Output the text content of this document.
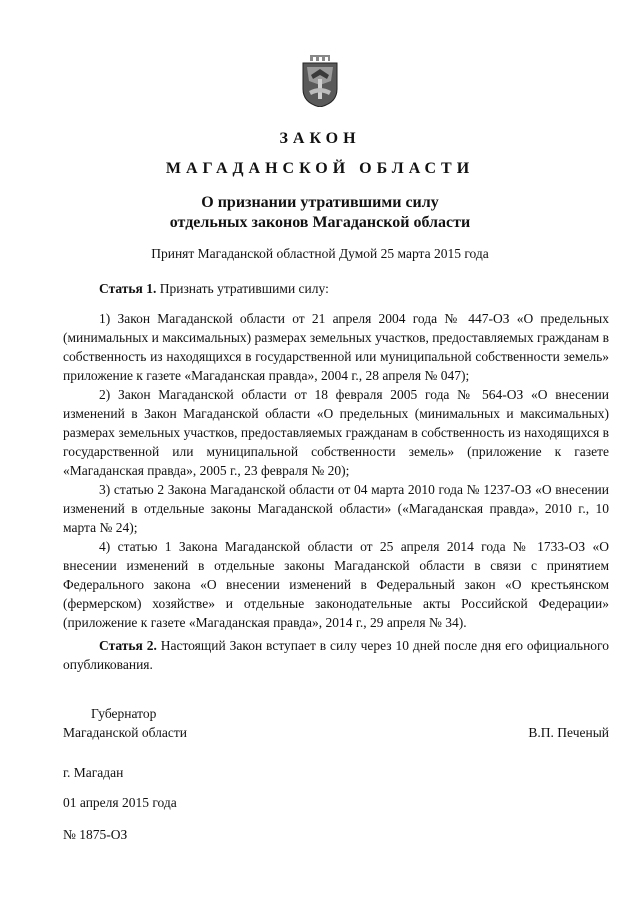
ЗАКОН
МАГАДАНСКОЙ ОБЛАСТИ
О признании утратившими силу
отдельных законов Магаданской области
Принят Магаданской областной Думой 25 марта 2015 года

Статья 1. Признать утратившими силу:

1) Закон Магаданской области от 21 апреля 2004 года № 447-ОЗ «О предельных (минимальных и максимальных) размерах земельных участков, предоставляемых гражданам в собственность из находящихся в государственной или муниципальной собственности земель» приложение к газете «Магаданская правда», 2004 г., 28 апреля № 047);

2) Закон Магаданской области от 18 февраля 2005 года № 564-ОЗ «О внесении изменений в Закон Магаданской области «О предельных (минимальных и максимальных) размерах земельных участков, предоставляемых гражданам в собственность из находящихся в государственной или муниципальной собственности земель» (приложение к газете «Магаданская правда», 2005 г., 23 февраля № 20);

3) статью 2 Закона Магаданской области от 04 марта 2010 года № 1237-ОЗ «О внесении изменений в отдельные законы Магаданской области» («Магаданская правда», 2010 г., 10 марта № 24);

4) статью 1 Закона Магаданской области от 25 апреля 2014 года № 1733-ОЗ «О внесении изменений в отдельные законы Магаданской области в связи с принятием Федерального закона «О внесении изменений в Федеральный закон «О крестьянском (фермерском) хозяйстве» и отдельные законодательные акты Российской Федерации» (приложение к газете «Магаданская правда», 2014 г., 29 апреля № 34).

Статья 2. Настоящий Закон вступает в силу через 10 дней после дня его официального опубликования.

Губернатор
Магаданской области	В.П. Печеный
г. Магадан
01 апреля 2015 года
№ 1875-ОЗ
